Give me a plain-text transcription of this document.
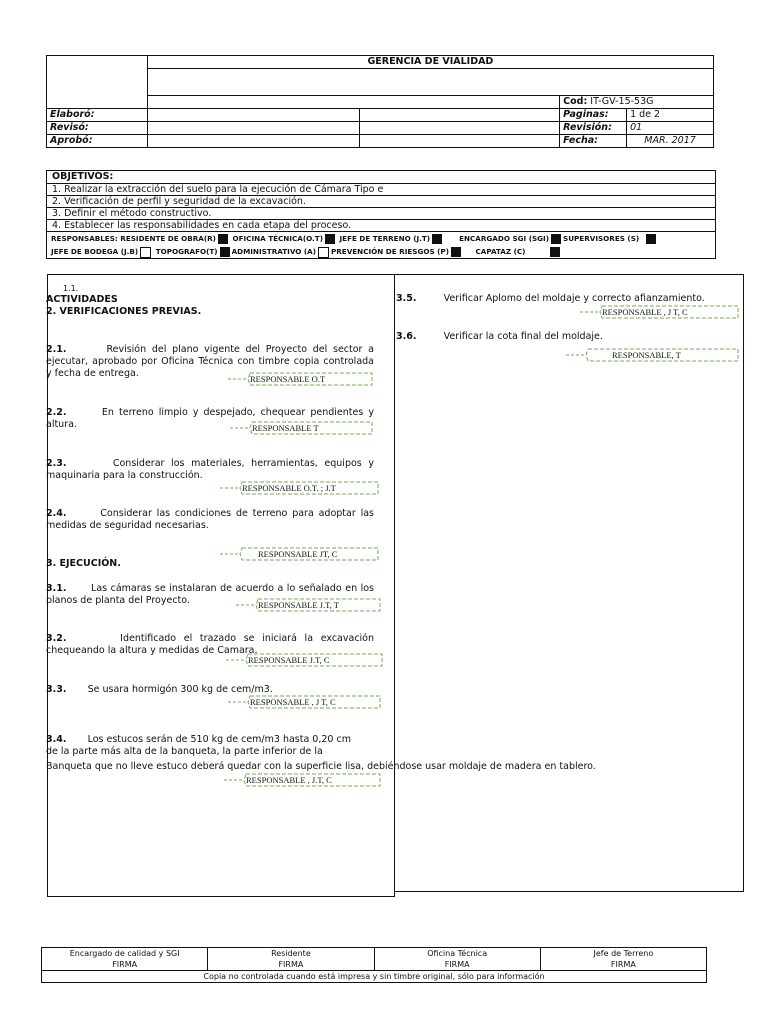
	GERENCIA DE VIALIDAD			

			Cod: IT-GV-15-53G	
Elaboró:			Paginas:	1 de 2
Revisó:			Revisión:	01
Aprobó:			Fecha:	MAR. 2017
OBJETIVOS:
1. Realizar la extracción del suelo para la ejecución de Cámara Tipo e
2. Verificación de perfil y seguridad de la excavación.
3. Definir el método constructivo.
4. Establecer las responsabilidades en cada etapa del proceso.
RESPONSABLES: RESIDENTE DE OBRA(R) OFICINA TÉCNICA(O.T) JEFE DE TERRENO (J.T)	ENCARGADO SGI (SGI) SUPERVISORES (S)
JEFE DE BODEGA (J.B) TOPOGRAFO(T) ADMINISTRATIVO (A) PREVENCIÓN DE RIESGOS (P)	CAPATAZ (C)
1.1.
ACTIVIDADES
2. VERIFICACIONES PREVIAS.
2.1.	Revisión del plano vigente del Proyecto del sector a ejecutar, aprobado por Oficina Técnica con timbre copia controlada y fecha de entrega.	RESPONSABLE O.T
2.2.	En terreno limpio y despejado, chequear pendientes y altura.	RESPONSABLE T
2.3.	Considerar los materiales, herramientas, equipos y maquinaria para la construcción.
RESPONSABLE O.T. ; J.T
2.4.	Considerar las condiciones de terreno para adoptar las medidas de seguridad necesarias.
RESPONSABLE JT, C
3. EJECUCIÓN.
3.1.	Las cámaras se instalaran de acuerdo a lo señalado en los planos de planta del Proyecto.	RESPONSABLE J.T, T
3.2.	Identificado el trazado se iniciará la excavación chequeando la altura y medidas de Camara.
RESPONSABLE J.T, C
3.3. Se usara hormigón 300 kg de cem/m3.
RESPONSABLE , J T, C
3.4. Los estucos serán de 510 kg de cem/m3 hasta 0,20 cm
de la parte más alta de la banqueta, la parte inferior de la
Banqueta que no lleve estuco deberá quedar con la superficie lisa, debiéndose usar moldaje de madera en tablero.
RESPONSABLE , J.T, C
3.5.	Verificar Aplomo del moldaje y correcto afianzamiento.
RESPONSABLE , J T, C
3.6.	Verificar la cota final del moldaje.
RESPONSABLE, T
Encargado de calidad y SGI
FIRMA

Residente
FIRMA

Oficina Técnica
FIRMA

Jefe de Terreno
FIRMA

Copia no controlada cuando está impresa y sin timbre original, sólo para información
